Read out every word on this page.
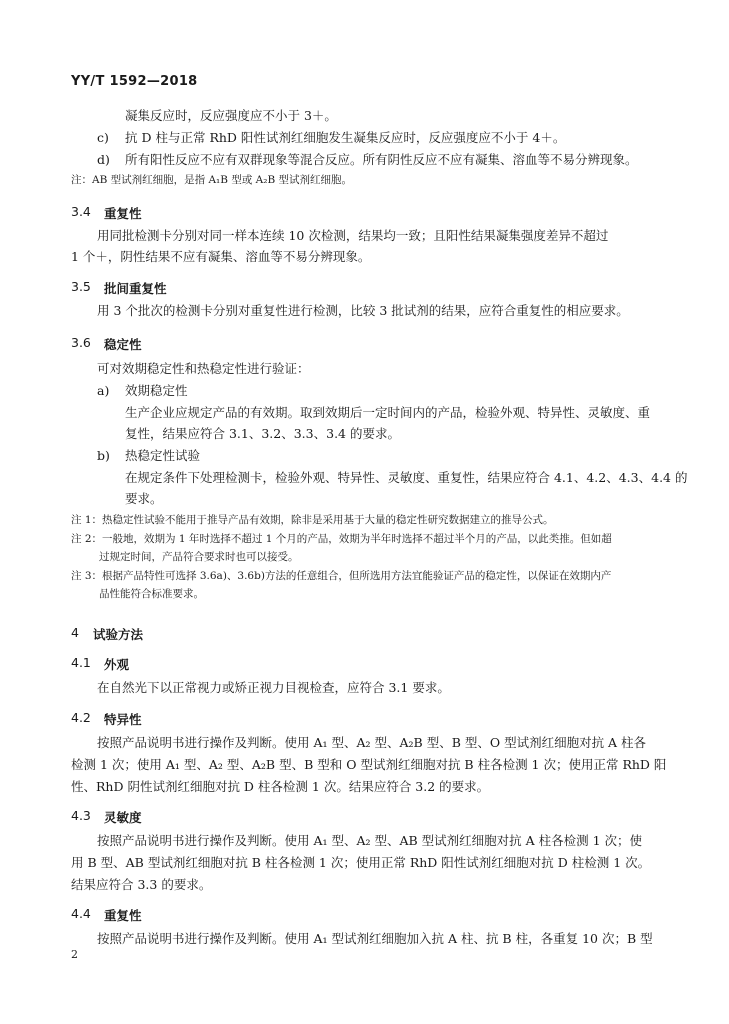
YY/T 1592—2018
凝集反应时，反应强度应不小于 3＋。
c) 抗 D 柱与正常 RhD 阳性试剂红细胞发生凝集反应时，反应强度应不小于 4＋。
d) 所有阳性反应不应有双群现象等混合反应。所有阴性反应不应有凝集、溶血等不易分辨现象。
注：AB 型试剂红细胞，是指 A₁B 型或 A₂B 型试剂红细胞。
3.4 重复性
用同批检测卡分别对同一样本连续 10 次检测，结果均一致；且阳性结果凝集强度差异不超过
1 个＋，阴性结果不应有凝集、溶血等不易分辨现象。
3.5 批间重复性
用 3 个批次的检测卡分别对重复性进行检测，比较 3 批试剂的结果，应符合重复性的相应要求。
3.6 稳定性
可对效期稳定性和热稳定性进行验证：
a) 效期稳定性
生产企业应规定产品的有效期。取到效期后一定时间内的产品，检验外观、特异性、灵敏度、重
复性，结果应符合 3.1、3.2、3.3、3.4 的要求。
b) 热稳定性试验
在规定条件下处理检测卡，检验外观、特异性、灵敏度、重复性，结果应符合 4.1、4.2、4.3、4.4 的
要求。
注 1：热稳定性试验不能用于推导产品有效期，除非是采用基于大量的稳定性研究数据建立的推导公式。
注 2：一般地，效期为 1 年时选择不超过 1 个月的产品，效期为半年时选择不超过半个月的产品，以此类推。但如超
过规定时间，产品符合要求时也可以接受。
注 3：根据产品特性可选择 3.6a)、3.6b)方法的任意组合，但所选用方法宜能验证产品的稳定性，以保证在效期内产
品性能符合标准要求。
4 试验方法
4.1 外观
在自然光下以正常视力或矫正视力目视检查，应符合 3.1 要求。
4.2 特异性
按照产品说明书进行操作及判断。使用 A₁ 型、A₂ 型、A₂B 型、B 型、O 型试剂红细胞对抗 A 柱各
检测 1 次；使用 A₁ 型、A₂ 型、A₂B 型、B 型和 O 型试剂红细胞对抗 B 柱各检测 1 次；使用正常 RhD 阳
性、RhD 阴性试剂红细胞对抗 D 柱各检测 1 次。结果应符合 3.2 的要求。
4.3 灵敏度
按照产品说明书进行操作及判断。使用 A₁ 型、A₂ 型、AB 型试剂红细胞对抗 A 柱各检测 1 次；使
用 B 型、AB 型试剂红细胞对抗 B 柱各检测 1 次；使用正常 RhD 阳性试剂红细胞对抗 D 柱检测 1 次。
结果应符合 3.3 的要求。
4.4 重复性
按照产品说明书进行操作及判断。使用 A₁ 型试剂红细胞加入抗 A 柱、抗 B 柱，各重复 10 次；B 型
2
